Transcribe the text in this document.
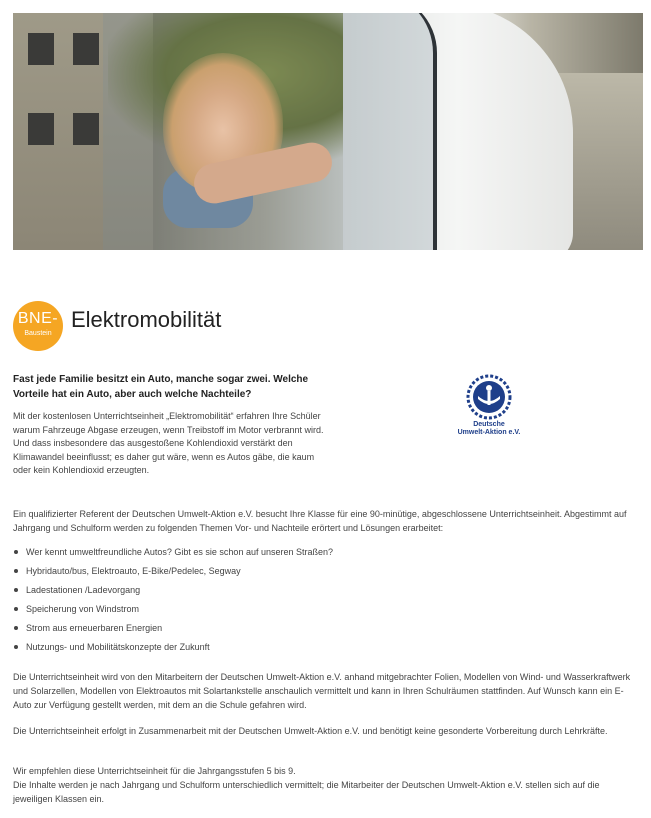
BNE-
Baustein
Elektromobilität

Fast jede Familie besitzt ein Auto, manche sogar zwei. Welche Vorteile hat ein Auto, aber auch welche Nachteile?

Mit der kostenlosen Unterrichtseinheit „Elektromobilität“ erfahren Ihre Schüler warum Fahrzeuge Abgase erzeugen, wenn Treibstoff im Motor verbrannt wird. Und dass insbesondere das ausgestoßene Kohlendioxid verstärkt den Klimawandel beeinflusst; es daher gut wäre, wenn es Autos gäbe, die kaum oder kein Kohlendioxid erzeugten.

Deutsche
Umwelt-Aktion e.V.

Ein qualifizierter Referent der Deutschen Umwelt-Aktion e.V. besucht Ihre Klasse für eine 90-minütige, abgeschlossene Unterrichtseinheit. Abgestimmt auf Jahrgang und Schulform werden zu folgenden Themen Vor- und Nachteile erörtert und Lösungen erarbeitet:

Wer kennt umweltfreundliche Autos? Gibt es sie schon auf unseren Straßen?
Hybridauto/bus, Elektroauto, E-Bike/Pedelec, Segway
Ladestationen /Ladevorgang
Speicherung von Windstrom
Strom aus erneuerbaren Energien
Nutzungs- und Mobilitätskonzepte der Zukunft

Die Unterrichtseinheit wird von den Mitarbeitern der Deutschen Umwelt-Aktion e.V. anhand mitgebrachter Folien, Modellen von Wind- und Wasserkraftwerk und Solarzellen, Modellen von Elektroautos mit Solartankstelle anschaulich vermittelt und kann in Ihren Schulräumen stattfinden. Auf Wunsch kann ein E-Auto zur Verfügung gestellt werden, mit dem an die Schule gefahren wird.

Die Unterrichtseinheit erfolgt in Zusammenarbeit mit der Deutschen Umwelt-Aktion e.V. und benötigt keine gesonderte Vorbereitung durch Lehrkräfte.

Wir empfehlen diese Unterrichtseinheit für die Jahrgangsstufen 5 bis 9.

Die Inhalte werden je nach Jahrgang und Schulform unterschiedlich vermittelt; die Mitarbeiter der Deutschen Umwelt-Aktion e.V. stellen sich auf die jeweiligen Klassen ein.
